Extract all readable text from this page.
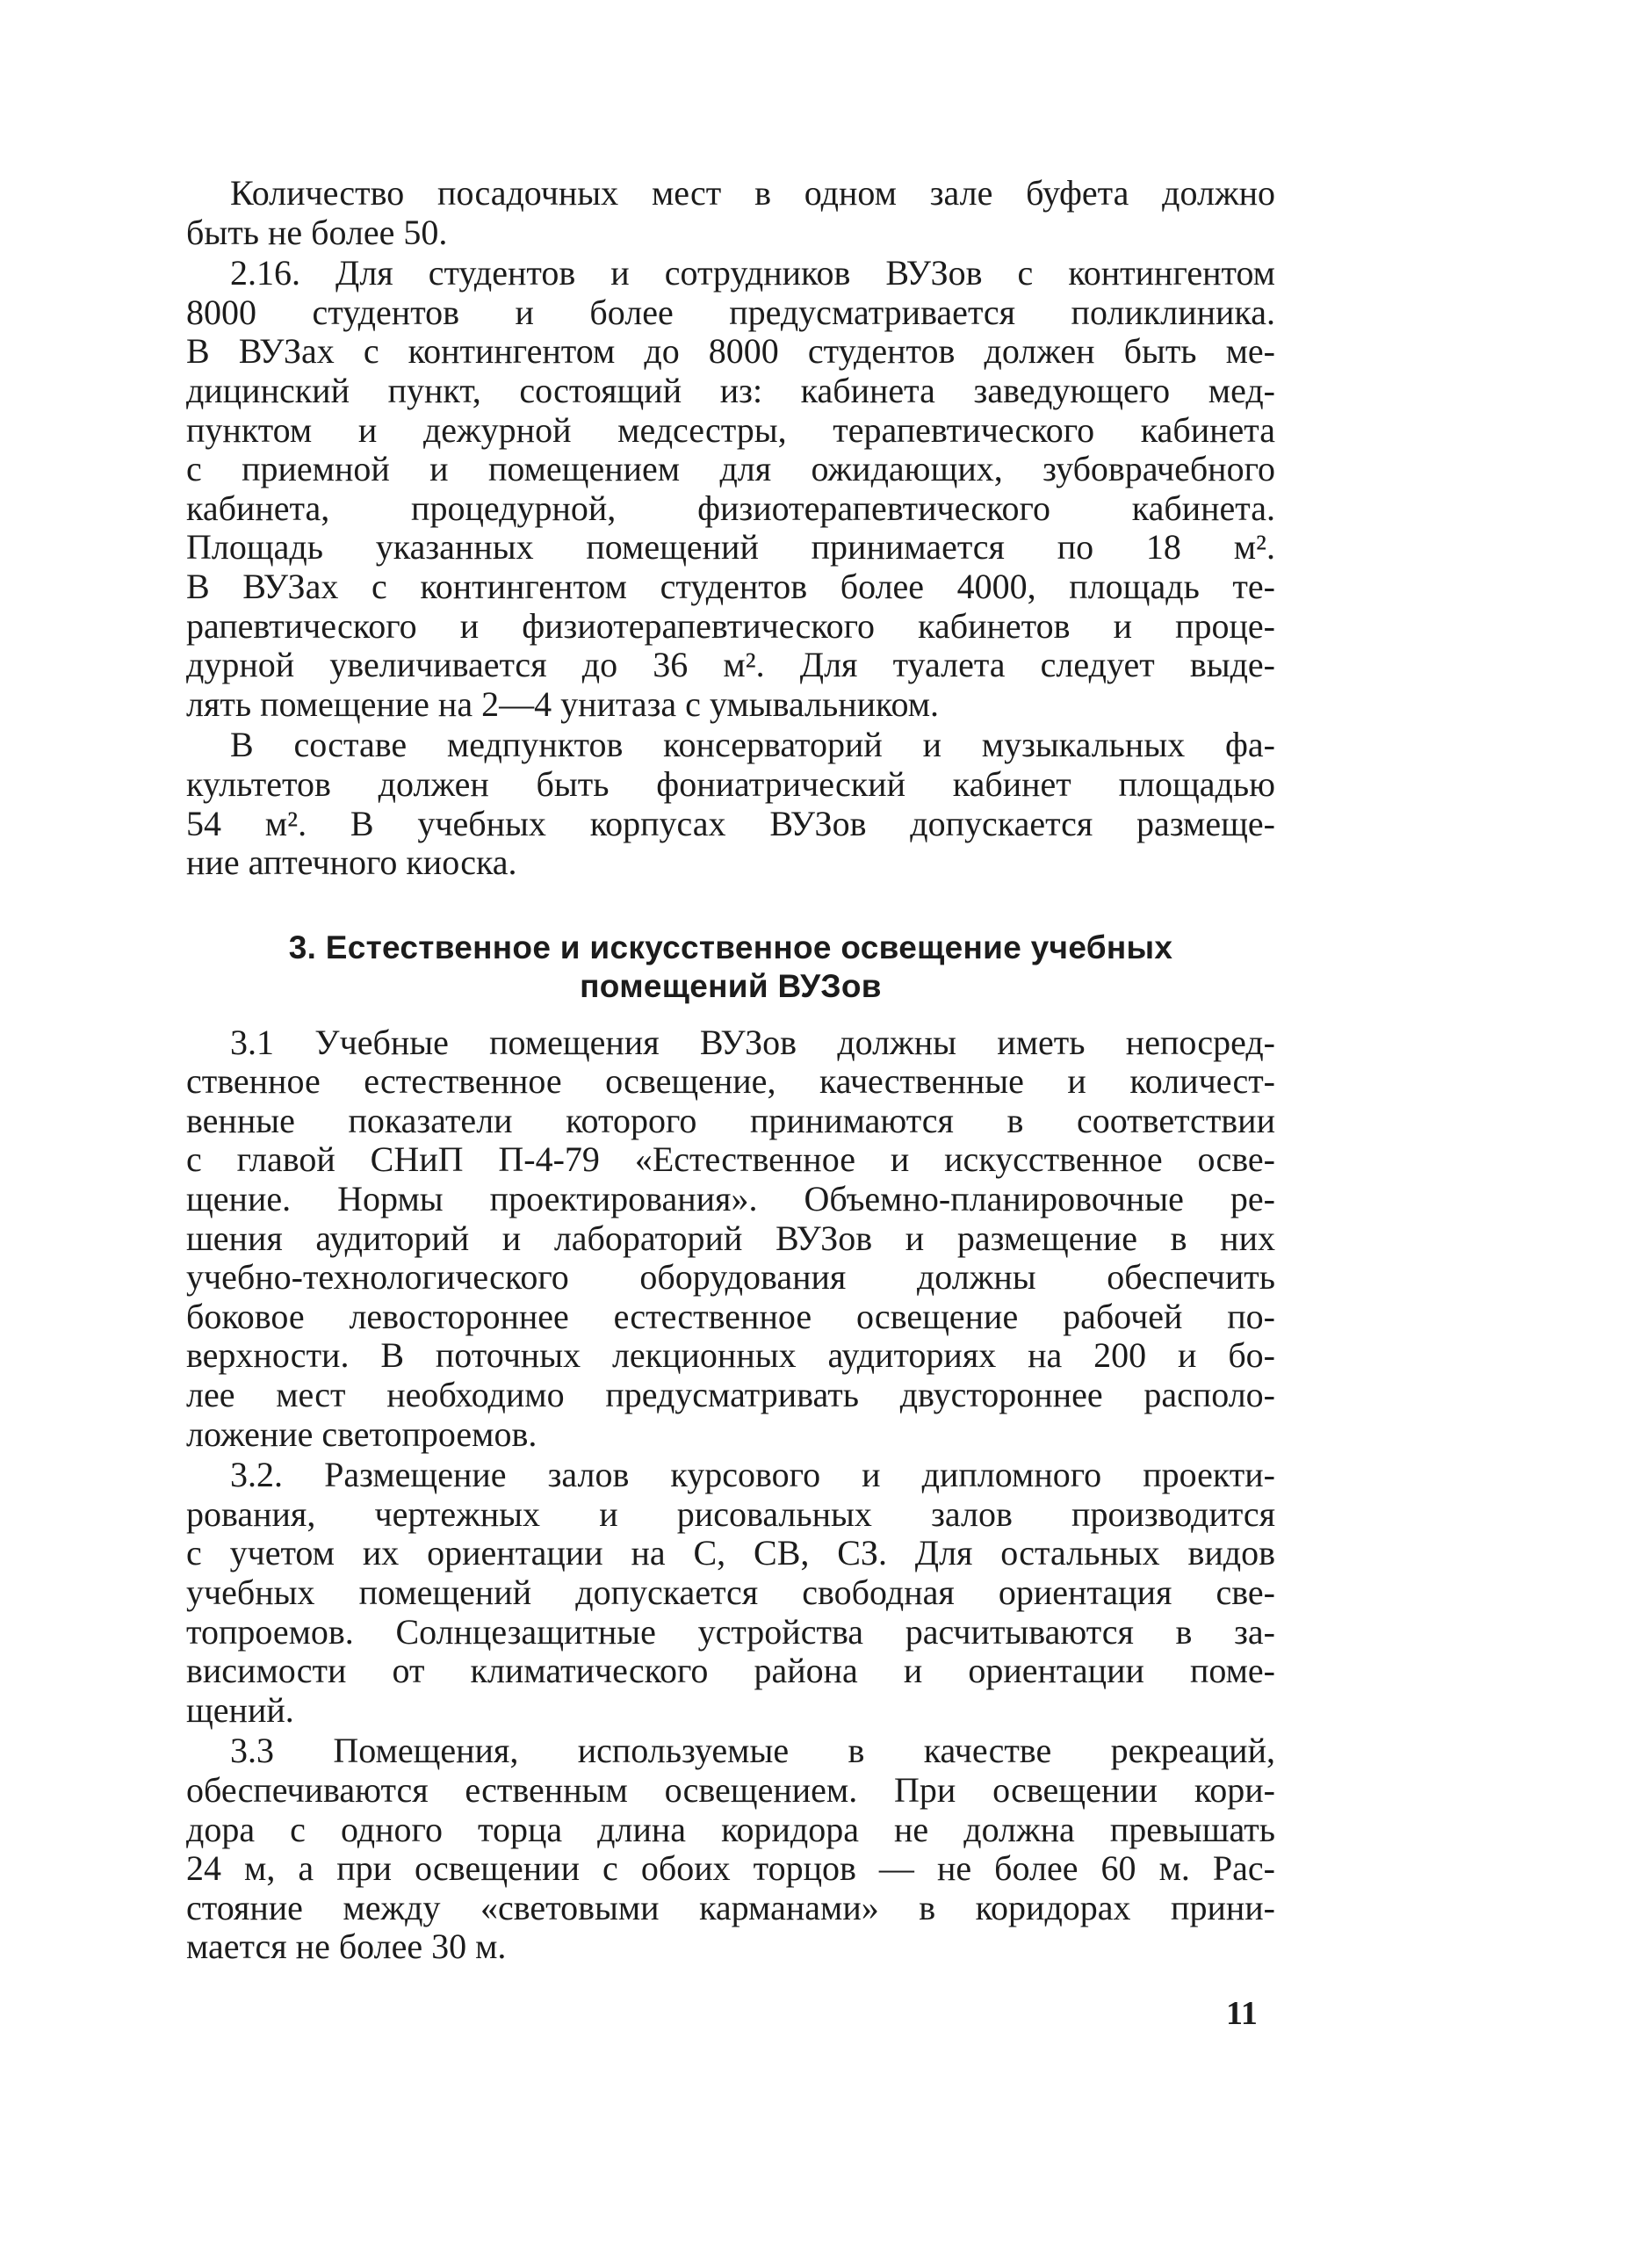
Количество посадочных мест в одном зале буфета должно
быть не более 50.
2.16. Для студентов и сотрудников ВУЗов с контингентом
8000 студентов и более предусматривается поликлиника.
В ВУЗах с контингентом до 8000 студентов должен быть ме-
дицинский пункт, состоящий из: кабинета заведующего мед-
пунктом и дежурной медсестры, терапевтического кабинета
с приемной и помещением для ожидающих, зубоврачебного
кабинета, процедурной, физиотерапевтического кабинета.
Площадь указанных помещений принимается по 18 м².
В ВУЗах с контингентом студентов более 4000, площадь те-
рапевтического и физиотерапевтического кабинетов и проце-
дурной увеличивается до 36 м². Для туалета следует выде-
лять помещение на 2—4 унитаза с умывальником.
В составе медпунктов консерваторий и музыкальных фа-
культетов должен быть фониатрический кабинет площадью
54 м². В учебных корпусах ВУЗов допускается размеще-
ние аптечного киоска.
3. Естественное и искусственное освещение учебных
помещений ВУЗов
3.1 Учебные помещения ВУЗов должны иметь непосред-
ственное естественное освещение, качественные и количест-
венные показатели которого принимаются в соответствии
с главой СНиП П-4-79 «Естественное и искусственное осве-
щение. Нормы проектирования». Объемно-планировочные ре-
шения аудиторий и лабораторий ВУЗов и размещение в них
учебно-технологического оборудования должны обеспечить
боковое левостороннее естественное освещение рабочей по-
верхности. В поточных лекционных аудиториях на 200 и бо-
лее мест необходимо предусматривать двустороннее располо-
ложение светопроемов.
3.2. Размещение залов курсового и дипломного проекти-
рования, чертежных и рисовальных залов производится
с учетом их ориентации на С, СВ, СЗ. Для остальных видов
учебных помещений допускается свободная ориентация све-
топроемов. Солнцезащитные устройства расчитываются в за-
висимости от климатического района и ориентации поме-
щений.
3.3 Помещения, используемые в качестве рекреаций,
обеспечиваются ественным освещением. При освещении кори-
дора с одного торца длина коридора не должна превышать
24 м, а при освещении с обоих торцов — не более 60 м. Рас-
стояние между «световыми карманами» в коридорах прини-
мается не более 30 м.
11
